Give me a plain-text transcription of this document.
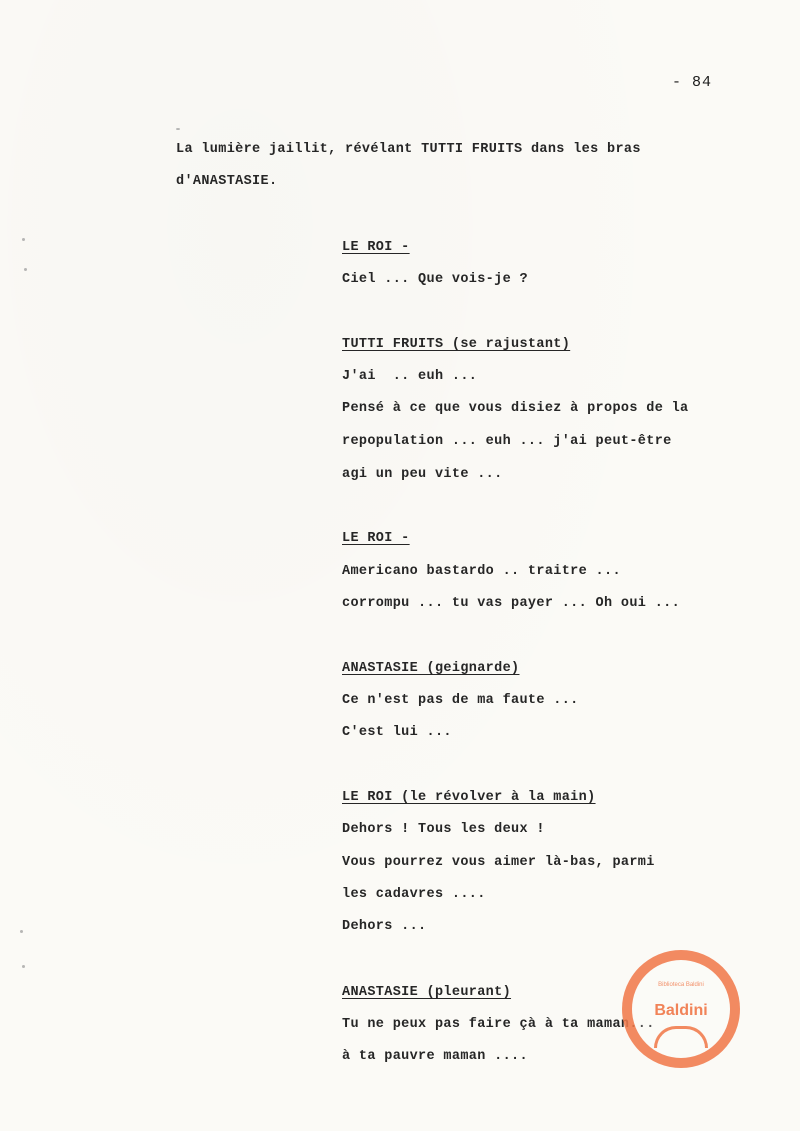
- 84
La lumière jaillit, révélant TUTTI FRUITS dans les bras
d'ANASTASIE.
LE ROI -
Ciel ... Que vois-je ?
TUTTI FRUITS (se rajustant)
J'ai  .. euh ...
Pensé à ce que vous disiez à propos de la
repopulation ... euh ... j'ai peut-être
agi un peu vite ...
LE ROI -
Americano bastardo .. traitre ...
corrompu ... tu vas payer ... Oh oui ...
ANASTASIE (geignarde)
Ce n'est pas de ma faute ...
C'est lui ...
LE ROI (le révolver à la main)
Dehors ! Tous les deux !
Vous pourrez vous aimer là-bas, parmi
les cadavres ....
Dehors ...
ANASTASIE (pleurant)
Tu ne peux pas faire çà à ta maman...
à ta pauvre maman ....
Biblioteca Baldini
Baldini
